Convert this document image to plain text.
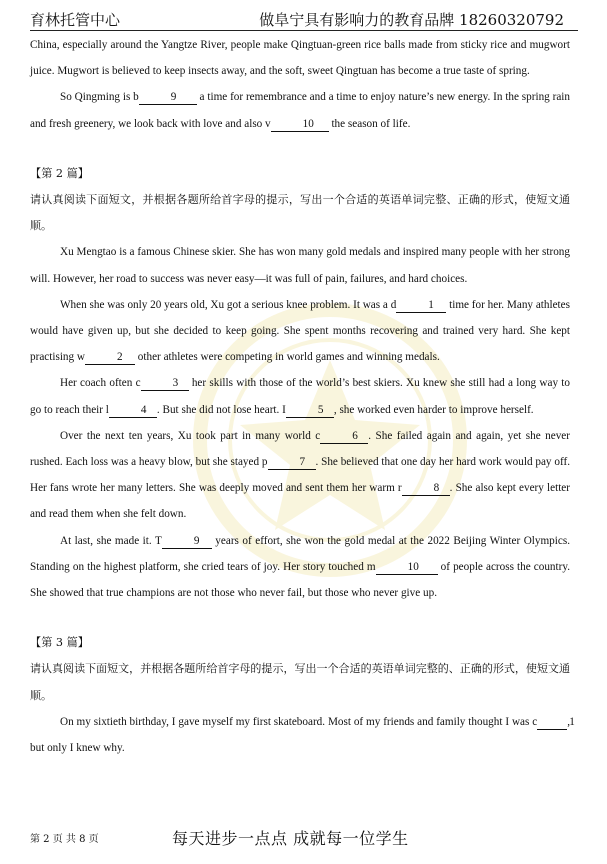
育林托管中心	做阜宁具有影响力的教育品牌 18260320792

China, especially around the Yangtze River, people make Qingtuan-green rice balls made from sticky rice and mugwort juice. Mugwort is believed to keep insects away, and the soft, sweet Qingtuan has become a true taste of spring.

So Qingming is b	9 a time for remembrance and a time to enjoy nature’s new energy. In the spring rain and fresh greenery, we look back with love and also v	10 the season of life.

【第 2 篇】

请认真阅读下面短文，并根据各题所给首字母的提示，写出一个合适的英语单词完整、正确的形式，使短文通顺。

Xu Mengtao is a famous Chinese skier. She has won many gold medals and inspired many people with her strong will. However, her road to success was never easy—it was full of pain, failures, and hard choices.

When she was only 20 years old, Xu got a serious knee problem. It was a d	1 time for her. Many athletes would have given up, but she decided to keep going. She spent months recovering and trained very hard. She kept practising w	2 other athletes were competing in world games and winning medals.

Her coach often c	3 her skills with those of the world’s best skiers. Xu knew she still had a long way to go to reach their l	4 . But she did not lose heart. I	5 , she worked even harder to improve herself.

Over the next ten years, Xu took part in many world c	6 . She failed again and again, yet she never rushed. Each loss was a heavy blow, but she stayed p	7 . She believed that one day her hard work would pay off. Her fans wrote her many letters. She was deeply moved and sent them her warm r	8 . She also kept every letter and read them when she felt down.

At last, she made it. T	9 years of effort, she won the gold medal at the 2022 Beijing Winter Olympics. Standing on the highest platform, she cried tears of joy. Her story touched m	10 of people across the country. She showed that true champions are not those who never fail, but those who never give up.

【第 3 篇】

请认真阅读下面短文，并根据各题所给首字母的提示，写出一个合适的英语单词完整的、正确的形式，使短文通顺。

On my sixtieth birthday, I gave myself my first skateboard. Most of my friends and family thought I was c	1, but only I knew why.

第 2 页 共 8 页	每天进步一点点 成就每一位学生
